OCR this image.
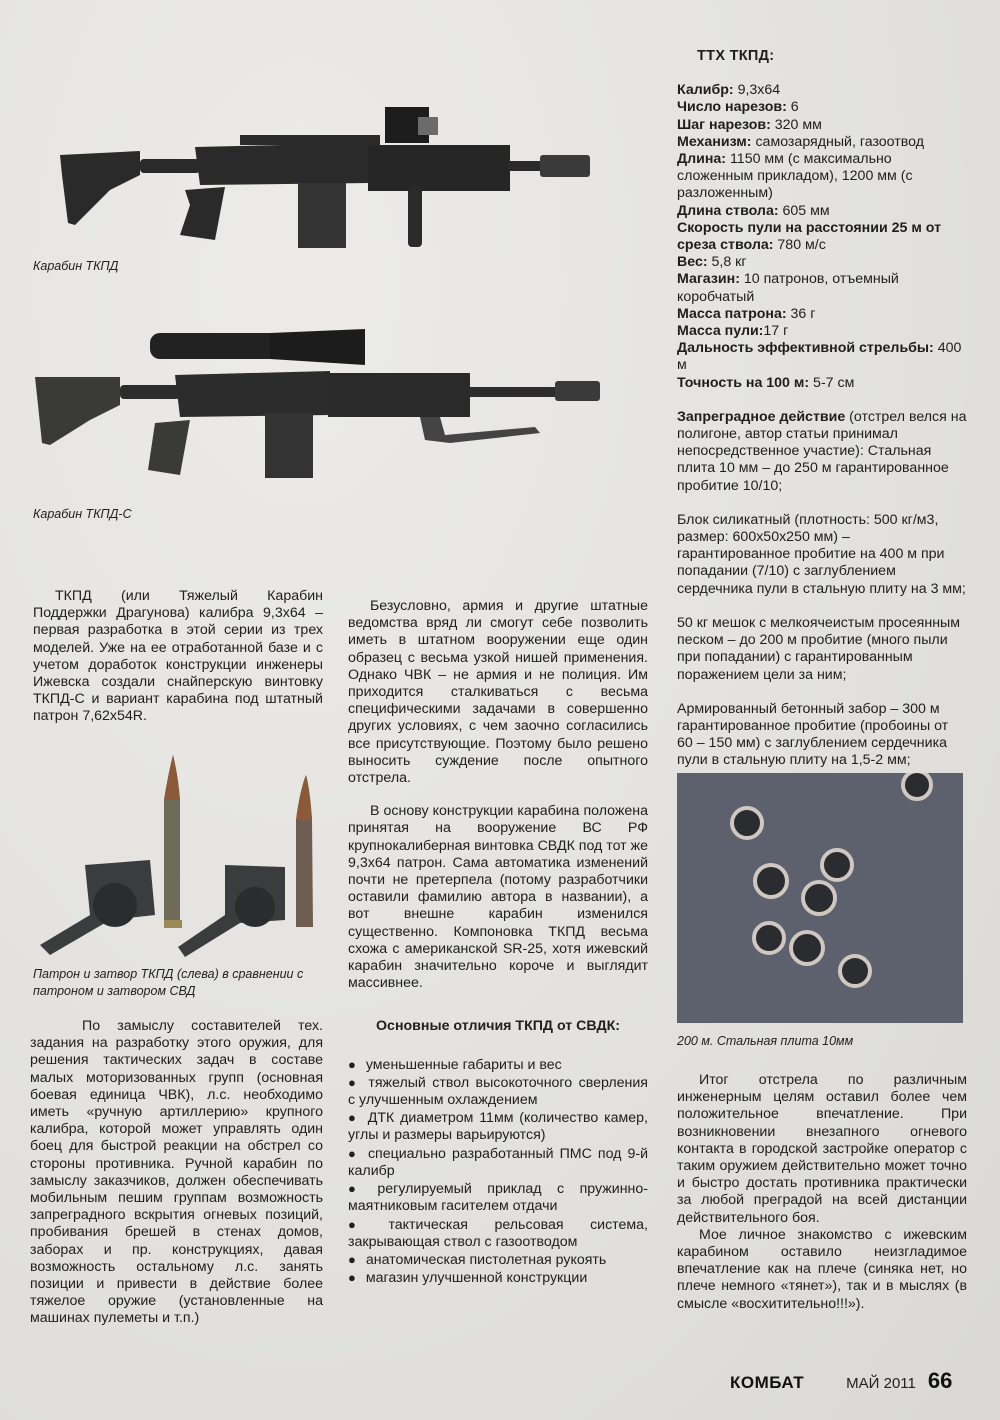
Карабин ТКПД
Карабин ТКПД-С
Патрон и затвор ТКПД (слева) в сравнении с патроном и затвором СВД
200 м. Стальная плита 10мм
ТТХ ТКПД:
Калибр: 9,3х64
Число нарезов: 6
Шаг нарезов: 320 мм
Механизм: самозарядный, газоотвод
Длина: 1150 мм (с максимально сложенным прикладом), 1200 мм (с разложенным)
Длина ствола: 605 мм
Скорость пули на расстоянии 25 м от среза ствола: 780 м/с
Вес: 5,8 кг
Магазин: 10 патронов, отъемный коробчатый
Масса патрона: 36 г
Масса пули:17 г
Дальность эффективной стрельбы: 400 м
Точность на 100 м: 5-7 см
Запреградное действие (отстрел велся на полигоне, автор статьи принимал непосредственное участие): Стальная плита 10 мм – до 250 м гарантированное пробитие 10/10;
Блок силикатный (плотность: 500 кг/м3, размер: 600х50х250 мм) – гарантированное пробитие на 400 м при попадании (7/10) с заглублением сердечника пули в стальную плиту на 3 мм;
50 кг мешок с мелкоячеистым просеянным песком – до 200 м пробитие (много пыли при попадании) с гарантированным поражением цели за ним;
Армированный бетонный забор – 300 м гарантированное пробитие (пробоины от 60 – 150 мм) с заглублением сердечника пули в стальную плиту на 1,5-2 мм;

ТКПД (или Тяжелый Карабин Поддержки Драгунова) калибра 9,3х64 – первая разработка в этой серии из трех моделей. Уже на ее отработанной базе и с учетом доработок конструкции инженеры Ижевска создали снайперскую винтовку ТКПД-С и вариант карабина под штатный патрон 7,62х54R.

По замыслу составителей тех. задания на разработку этого оружия, для решения тактических задач в составе малых моторизованных групп (основная боевая единица ЧВК), л.с. необходимо иметь «ручную артиллерию» крупного калибра, которой может управлять один боец для быстрой реакции на обстрел со стороны противника. Ручной карабин по замыслу заказчиков, должен обеспечивать мобильным пешим группам возможность запреградного вскрытия огневых позиций, пробивания брешей в стенах домов, заборах и пр. конструкциях, давая возможность остальному л.с. занять позиции и привести в действие более тяжелое оружие (установленные на машинах пулеметы и т.п.)

Безусловно, армия и другие штатные ведомства вряд ли смогут себе позволить иметь в штатном вооружении еще один образец с весьма узкой нишей применения. Однако ЧВК – не армия и не полиция. Им приходится сталкиваться с весьма специфическими задачами в совершенно других условиях, с чем заочно согласились все присутствующие. Поэтому было решено выносить суждение после опытного отстрела.

В основу конструкции карабина положена принятая на вооружение ВС РФ крупнокалиберная винтовка СВДК под тот же 9,3х64 патрон. Сама автоматика изменений почти не претерпела (потому разработчики оставили фамилию автора в названии), а вот внешне карабин изменился существенно. Компоновка ТКПД весьма схожа с американской SR-25, хотя ижевский карабин значительно короче и выглядит массивнее.

Основные отличия ТКПД от СВДК:
● уменьшенные габариты и вес
● тяжелый ствол высокоточного сверления с улучшенным охлаждением
● ДТК диаметром 11мм (количество камер, углы и размеры варьируются)
● специально разработанный ПМС под 9-й калибр
● регулируемый приклад с пружинно-маятниковым гасителем отдачи
● тактическая рельсовая система, закрывающая ствол с газоотводом
● анатомическая пистолетная рукоять
● магазин улучшенной конструкции

Итог отстрела по различным инженерным целям оставил более чем положительное впечатление. При возникновении внезапного огневого контакта в городской застройке оператор с таким оружием действительно может точно и быстро достать противника практически за любой преградой на всей дистанции действительного боя.

Мое личное знакомство с ижевским карабином оставило неизгладимое впечатление как на плече (синяка нет, но плече немного «тянет»), так и в мыслях (в смысле «восхитительно!!!»).

КОМБАТ	МАЙ 2011 66
